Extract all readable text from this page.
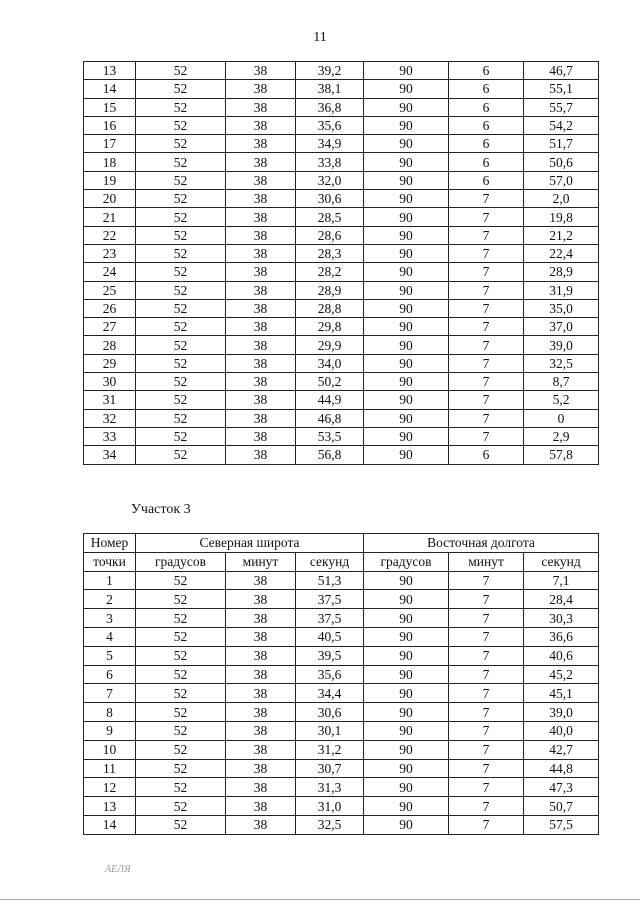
11
13	52	38	39,2	90	6	46,7
14	52	38	38,1	90	6	55,1
15	52	38	36,8	90	6	55,7
16	52	38	35,6	90	6	54,2
17	52	38	34,9	90	6	51,7
18	52	38	33,8	90	6	50,6
19	52	38	32,0	90	6	57,0
20	52	38	30,6	90	7	2,0
21	52	38	28,5	90	7	19,8
22	52	38	28,6	90	7	21,2
23	52	38	28,3	90	7	22,4
24	52	38	28,2	90	7	28,9
25	52	38	28,9	90	7	31,9
26	52	38	28,8	90	7	35,0
27	52	38	29,8	90	7	37,0
28	52	38	29,9	90	7	39,0
29	52	38	34,0	90	7	32,5
30	52	38	50,2	90	7	8,7
31	52	38	44,9	90	7	5,2
32	52	38	46,8	90	7	0
33	52	38	53,5	90	7	2,9
34	52	38	56,8	90	6	57,8
Участок 3
Номер	Северная широта			Восточная долгота		
точки	градусов	минут	секунд	градусов	минут	секунд
1	52	38	51,3	90	7	7,1
2	52	38	37,5	90	7	28,4
3	52	38	37,5	90	7	30,3
4	52	38	40,5	90	7	36,6
5	52	38	39,5	90	7	40,6
6	52	38	35,6	90	7	45,2
7	52	38	34,4	90	7	45,1
8	52	38	30,6	90	7	39,0
9	52	38	30,1	90	7	40,0
10	52	38	31,2	90	7	42,7
11	52	38	30,7	90	7	44,8
12	52	38	31,3	90	7	47,3
13	52	38	31,0	90	7	50,7
14	52	38	32,5	90	7	57,5
АЕЛЯ
